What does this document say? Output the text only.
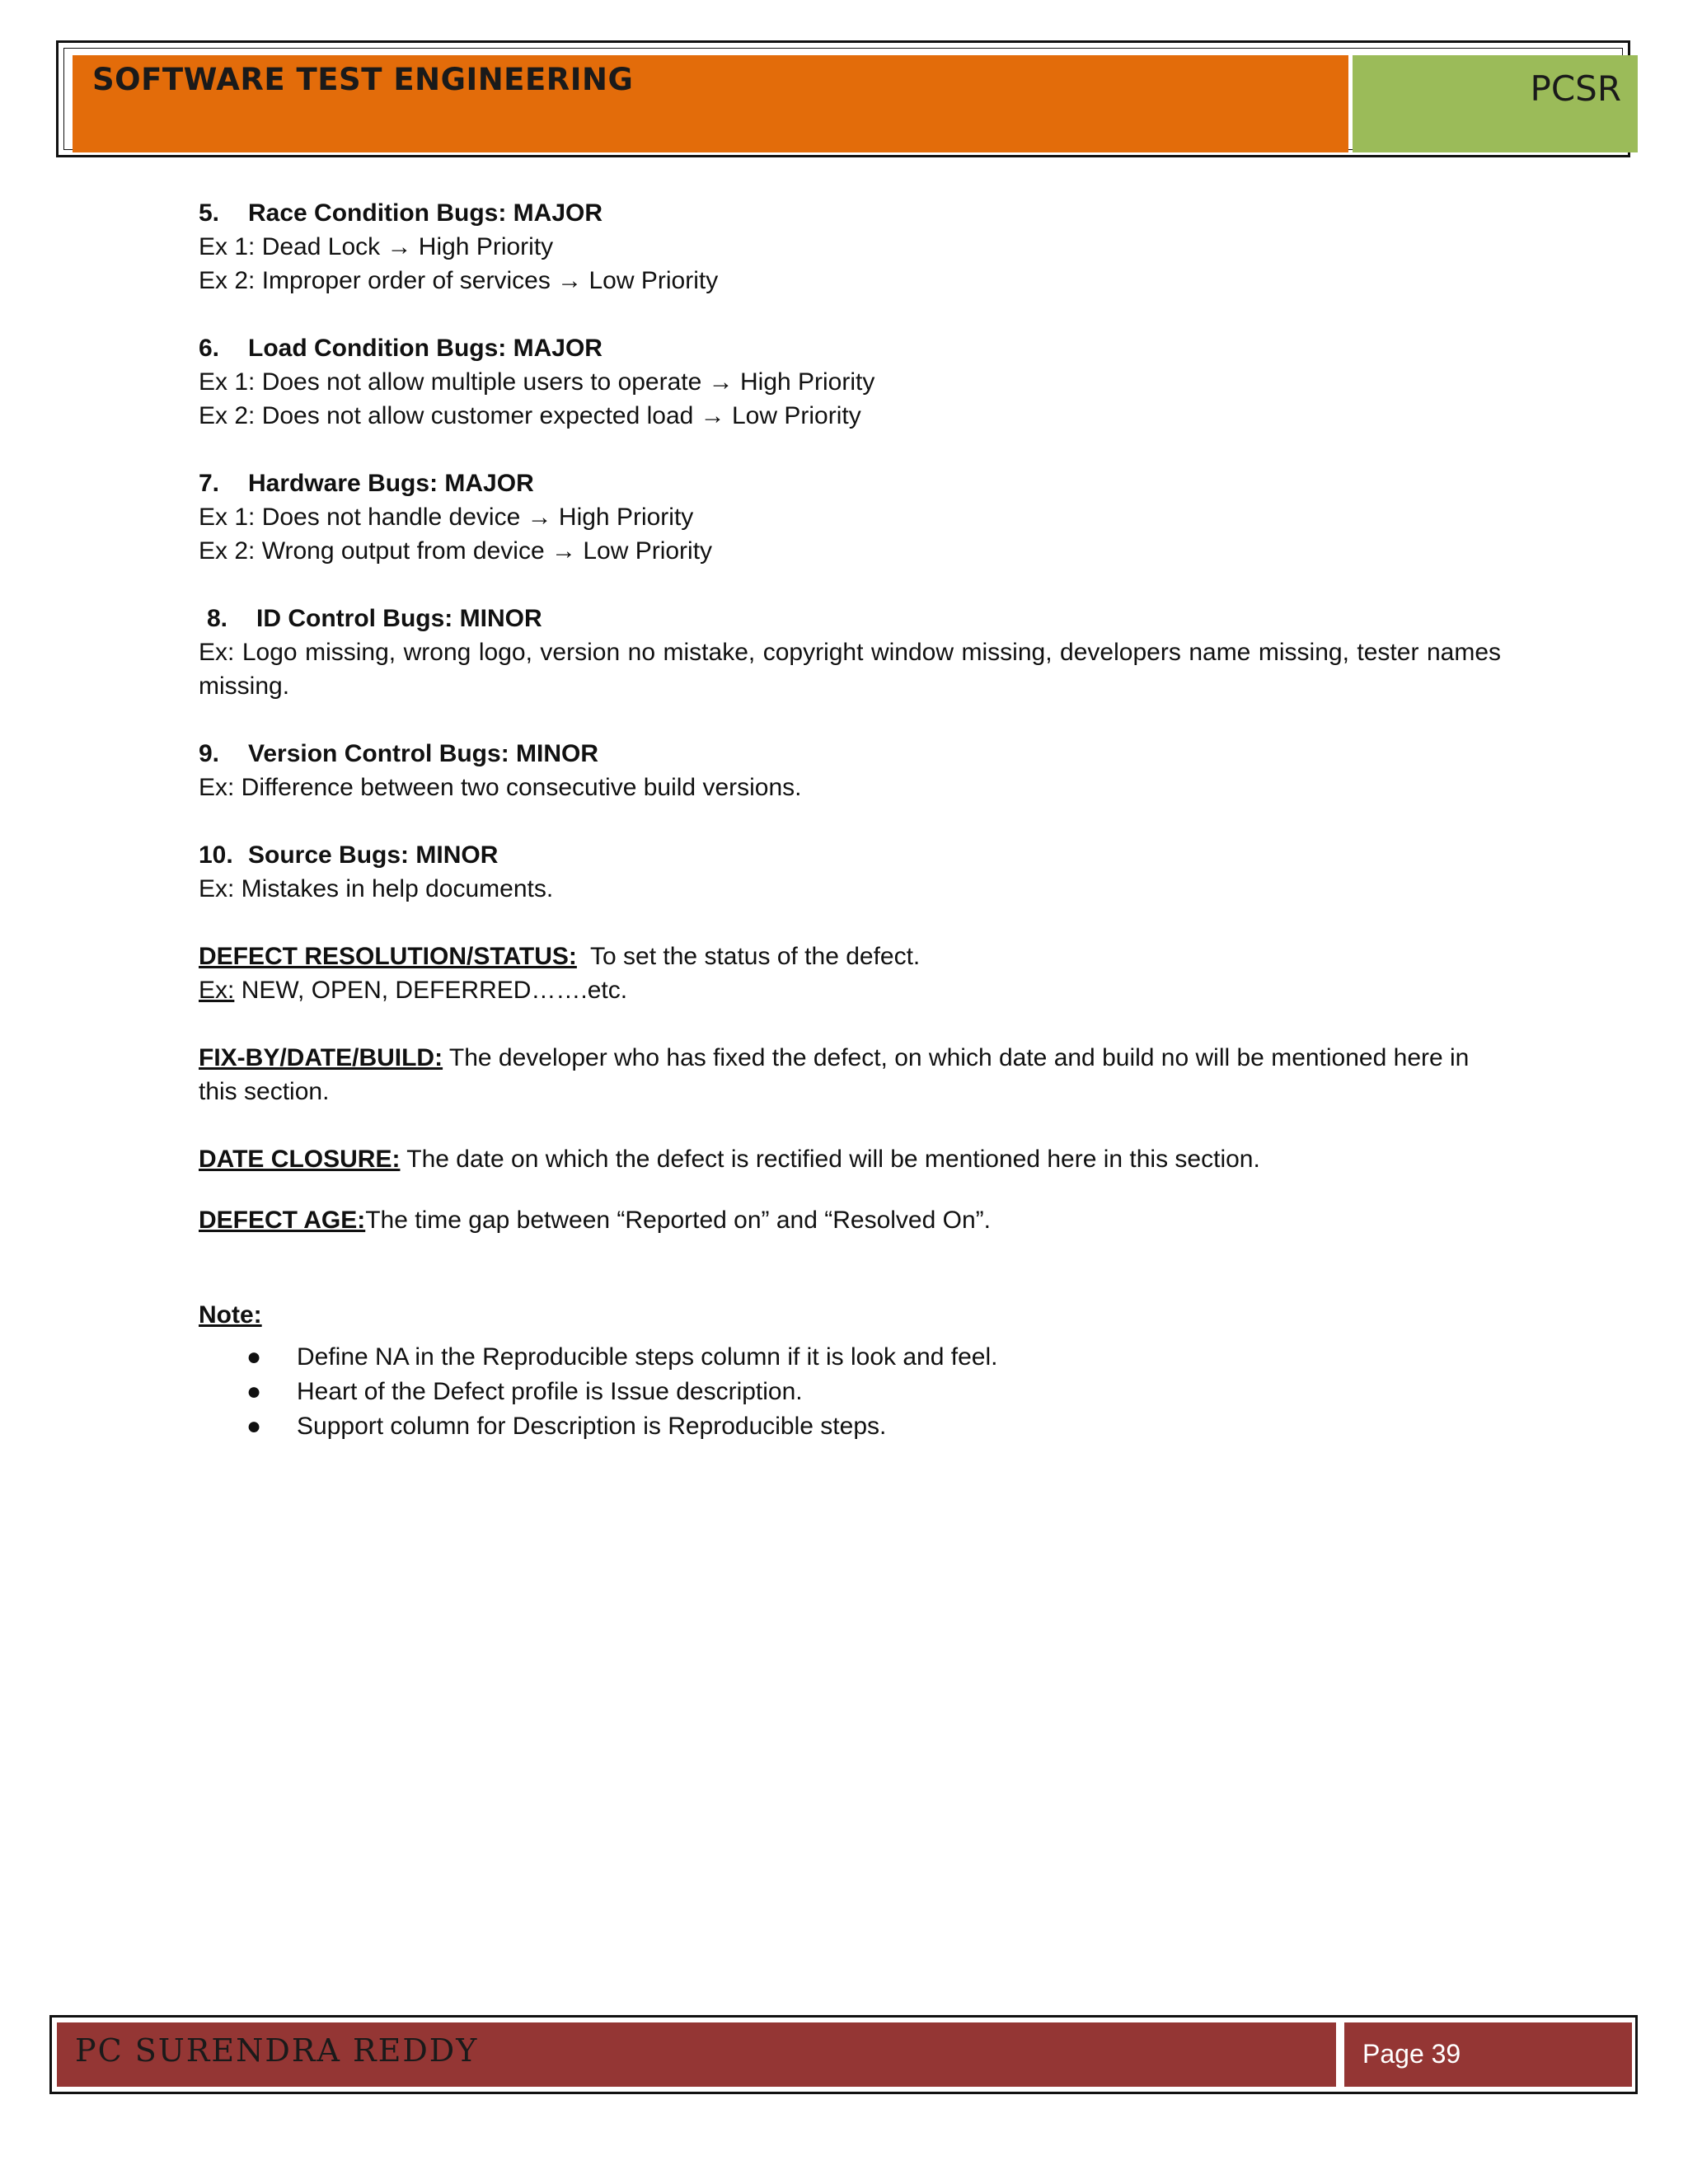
SOFTWARE TEST ENGINEERING	PCSR
5. Race Condition Bugs: MAJOR
Ex 1: Dead Lock → High Priority
Ex 2: Improper order of services → Low Priority
6. Load Condition Bugs: MAJOR
Ex 1: Does not allow multiple users to operate → High Priority
Ex 2: Does not allow customer expected load → Low Priority
7. Hardware Bugs: MAJOR
Ex 1: Does not handle device → High Priority
Ex 2: Wrong output from device → Low Priority
8. ID Control Bugs: MINOR
Ex: Logo missing, wrong logo, version no mistake, copyright window missing, developers name missing, tester names missing.
9. Version Control Bugs: MINOR
Ex: Difference between two consecutive build versions.
10. Source Bugs: MINOR
Ex: Mistakes in help documents.
DEFECT RESOLUTION/STATUS: To set the status of the defect.
Ex: NEW, OPEN, DEFERRED…….etc.
FIX-BY/DATE/BUILD: The developer who has fixed the defect, on which date and build no will be mentioned here in this section.
DATE CLOSURE: The date on which the defect is rectified will be mentioned here in this section.
DEFECT AGE:The time gap between “Reported on” and “Resolved On”.
Note:
● Define NA in the Reproducible steps column if it is look and feel.
● Heart of the Defect profile is Issue description.
● Support column for Description is Reproducible steps.
PC SURENDRA REDDY	Page 39
